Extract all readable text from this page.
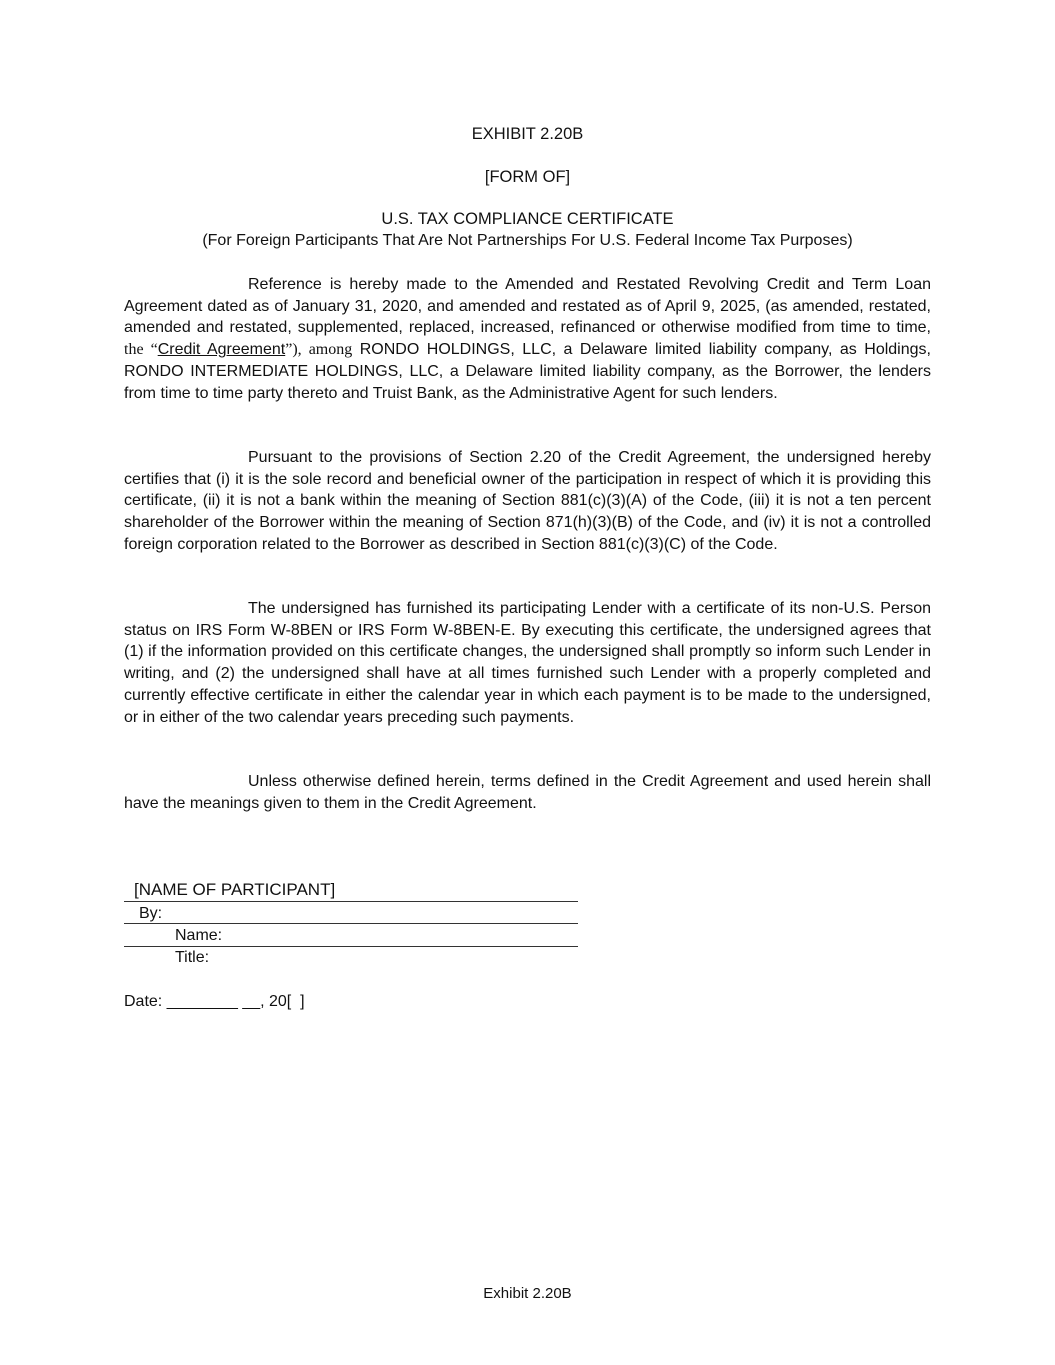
EXHIBIT 2.20B
[FORM OF]
U.S. TAX COMPLIANCE CERTIFICATE
(For Foreign Participants That Are Not Partnerships For U.S. Federal Income Tax Purposes)

Reference is hereby made to the Amended and Restated Revolving Credit and Term Loan Agreement dated as of January 31, 2020, and amended and restated as of April 9, 2025, (as amended, restated, amended and restated, supplemented, replaced, increased, refinanced or otherwise modified from time to time, the “Credit Agreement”), among RONDO HOLDINGS, LLC, a Delaware limited liability company, as Holdings, RONDO INTERMEDIATE HOLDINGS, LLC, a Delaware limited liability company, as the Borrower, the lenders from time to time party thereto and Truist Bank, as the Administrative Agent for such lenders.

Pursuant to the provisions of Section 2.20 of the Credit Agreement, the undersigned hereby certifies that (i) it is the sole record and beneficial owner of the participation in respect of which it is providing this certificate, (ii) it is not a bank within the meaning of Section 881(c)(3)(A) of the Code, (iii) it is not a ten percent shareholder of the Borrower within the meaning of Section 871(h)(3)(B) of the Code, and (iv) it is not a controlled foreign corporation related to the Borrower as described in Section 881(c)(3)(C) of the Code.

The undersigned has furnished its participating Lender with a certificate of its non-U.S. Person status on IRS Form W-8BEN or IRS Form W-8BEN-E. By executing this certificate, the undersigned agrees that (1) if the information provided on this certificate changes, the undersigned shall promptly so inform such Lender in writing, and (2) the undersigned shall have at all times furnished such Lender with a properly completed and currently effective certificate in either the calendar year in which each payment is to be made to the undersigned, or in either of the two calendar years preceding such payments.

Unless otherwise defined herein, terms defined in the Credit Agreement and used herein shall have the meanings given to them in the Credit Agreement.

[NAME OF PARTICIPANT]
By:
Name:
Title:
Date: ________ __, 20[  ]
Exhibit 2.20B
